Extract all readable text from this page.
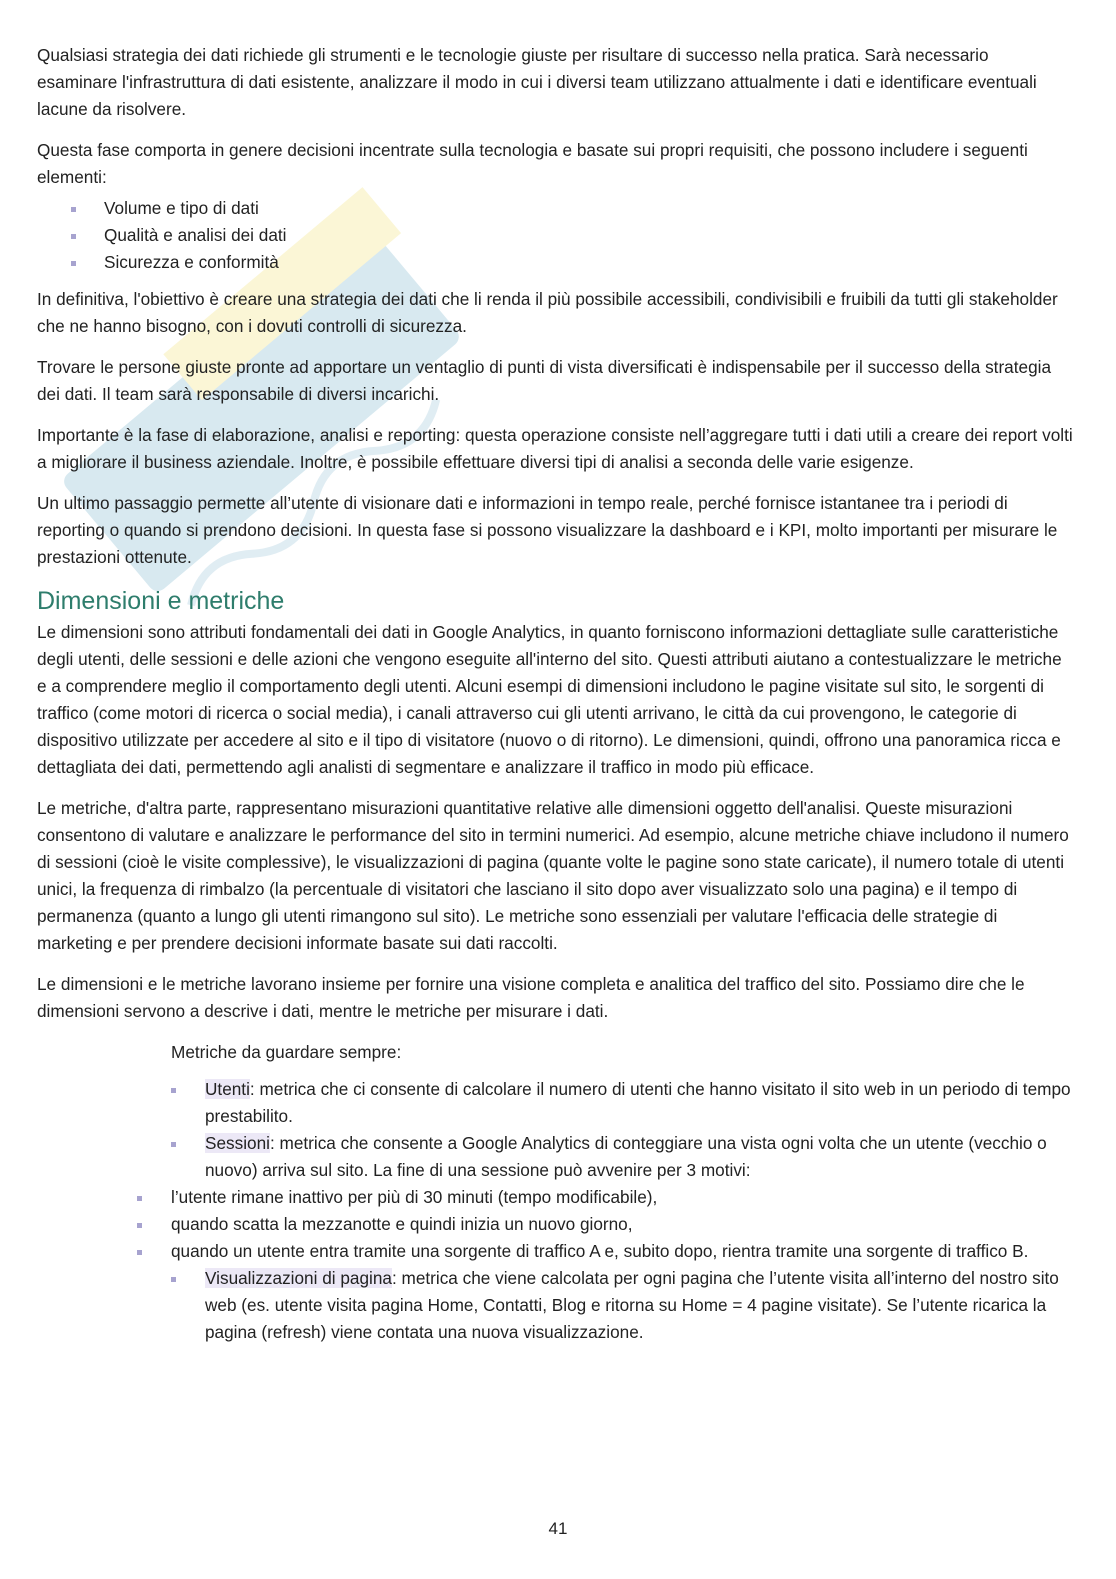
Qualsiasi strategia dei dati richiede gli strumenti e le tecnologie giuste per risultare di successo nella pratica. Sarà necessario esaminare l'infrastruttura di dati esistente, analizzare il modo in cui i diversi team utilizzano attualmente i dati e identificare eventuali lacune da risolvere.

Questa fase comporta in genere decisioni incentrate sulla tecnologia e basate sui propri requisiti, che possono includere i seguenti elementi:

Volume e tipo di dati
Qualità e analisi dei dati
Sicurezza e conformità

In definitiva, l'obiettivo è creare una strategia dei dati che li renda il più possibile accessibili, condivisibili e fruibili da tutti gli stakeholder che ne hanno bisogno, con i dovuti controlli di sicurezza.

Trovare le persone giuste pronte ad apportare un ventaglio di punti di vista diversificati è indispensabile per il successo della strategia dei dati. Il team sarà responsabile di diversi incarichi.

Importante è la fase di elaborazione, analisi e reporting: questa operazione consiste nell’aggregare tutti i dati utili a creare dei report volti a migliorare il business aziendale. Inoltre, è possibile effettuare diversi tipi di analisi a seconda delle varie esigenze.

Un ultimo passaggio permette all’utente di visionare dati e informazioni in tempo reale, perché fornisce istantanee tra i periodi di reporting o quando si prendono decisioni. In questa fase si possono visualizzare la dashboard e i KPI, molto importanti per misurare le prestazioni ottenute.

Dimensioni e metriche

Le dimensioni sono attributi fondamentali dei dati in Google Analytics, in quanto forniscono informazioni dettagliate sulle caratteristiche degli utenti, delle sessioni e delle azioni che vengono eseguite all'interno del sito. Questi attributi aiutano a contestualizzare le metriche e a comprendere meglio il comportamento degli utenti. Alcuni esempi di dimensioni includono le pagine visitate sul sito, le sorgenti di traffico (come motori di ricerca o social media), i canali attraverso cui gli utenti arrivano, le città da cui provengono, le categorie di dispositivo utilizzate per accedere al sito e il tipo di visitatore (nuovo o di ritorno). Le dimensioni, quindi, offrono una panoramica ricca e dettagliata dei dati, permettendo agli analisti di segmentare e analizzare il traffico in modo più efficace.

Le metriche, d'altra parte, rappresentano misurazioni quantitative relative alle dimensioni oggetto dell'analisi. Queste misurazioni consentono di valutare e analizzare le performance del sito in termini numerici. Ad esempio, alcune metriche chiave includono il numero di sessioni (cioè le visite complessive), le visualizzazioni di pagina (quante volte le pagine sono state caricate), il numero totale di utenti unici, la frequenza di rimbalzo (la percentuale di visitatori che lasciano il sito dopo aver visualizzato solo una pagina) e il tempo di permanenza (quanto a lungo gli utenti rimangono sul sito). Le metriche sono essenziali per valutare l'efficacia delle strategie di marketing e per prendere decisioni informate basate sui dati raccolti.

Le dimensioni e le metriche lavorano insieme per fornire una visione completa e analitica del traffico del sito. Possiamo dire che le dimensioni servono a descrive i dati, mentre le metriche per misurare i dati.

Metriche da guardare sempre:
Utenti: metrica che ci consente di calcolare il numero di utenti che hanno visitato il sito web in un periodo di tempo prestabilito.
Sessioni: metrica che consente a Google Analytics di conteggiare una vista ogni volta che un utente (vecchio o nuovo) arriva sul sito. La fine di una sessione può avvenire per 3 motivi:
l’utente rimane inattivo per più di 30 minuti (tempo modificabile),
quando scatta la mezzanotte e quindi inizia un nuovo giorno,
quando un utente entra tramite una sorgente di traffico A e, subito dopo, rientra tramite una sorgente di traffico B.
Visualizzazioni di pagina: metrica che viene calcolata per ogni pagina che l’utente visita all’interno del nostro sito web (es. utente visita pagina Home, Contatti, Blog e ritorna su Home = 4 pagine visitate). Se l’utente ricarica la pagina (refresh) viene contata una nuova visualizzazione.
41
